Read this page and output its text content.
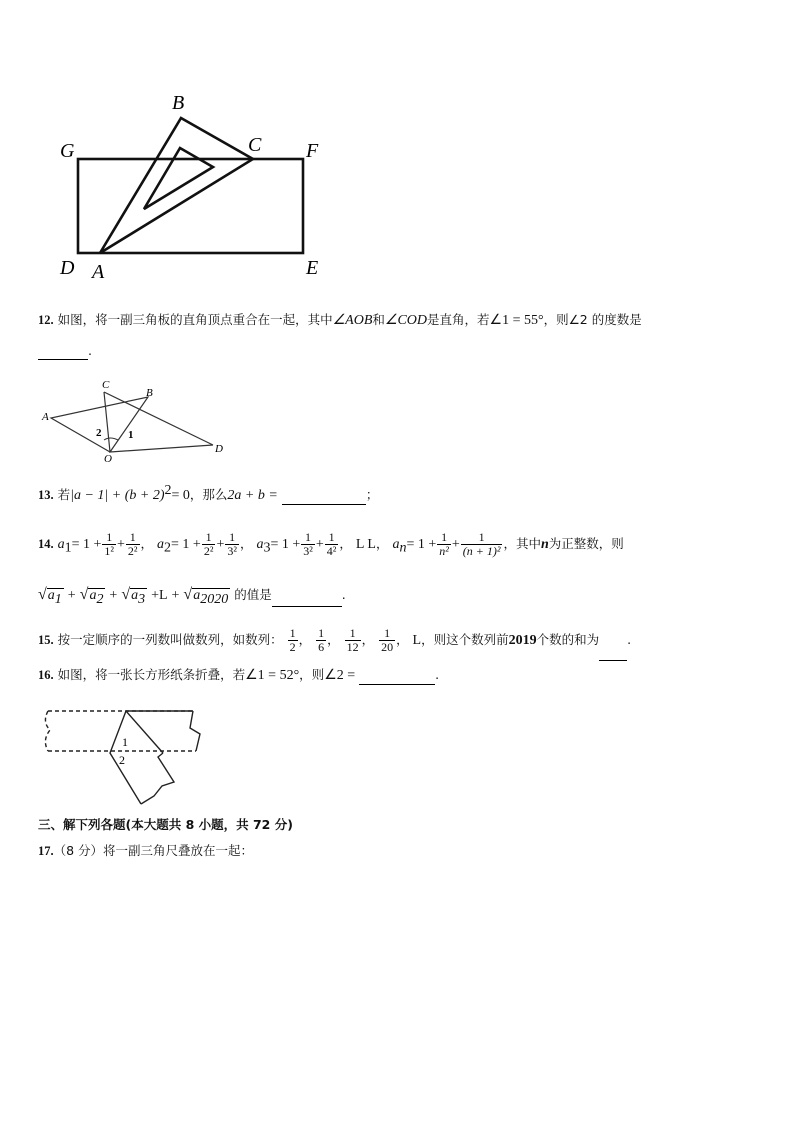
B
C
G	F
D A	E
12. 如图，将一副三角板的直角顶点重合在一起，其中∠AOB和∠COD是直角，若∠1 = 55°，则∠2 的度数是
.
C
B
A
O
1
2
D
13. 若$|a - 1| + (b + 2)^2= 0$，那么2a + b =	；
14. $a_1= 1 + \frac{1}{\text{1²}} + \frac{1}{\text{2²}}$ ， $a_2= 1 + \frac{1}{\text{2²}} + \frac{1}{\text{3²}}$ ， $a_3= 1 + \frac{1}{\text{3²}} + \frac{1}{\text{4²}}$ ， L L， $a_n= 1 + \frac{1}{\text{n²}} + \frac{1}{\text{(n + 1)²}}$ ，其中n为正整数，则
$√a_1 + √a_2 + √a_3 +L + √a_{2020}$ 的值是	.
15. 按一定顺序的一列数叫做数列，如数列： $\frac{1}{2}$ ， $\frac{1}{6}$ ， $\frac{1}{12}$ ， $\frac{1}{20}$ ， L，则这个数列前2019个数的和为 .
16. 如图，将一张长方形纸条折叠，若∠1 = 52°，则∠2 =	.
1
2
三、解下列各题(本大题共 8 小题，共 72 分)
17.（8 分）将一副三角尺叠放在一起：
